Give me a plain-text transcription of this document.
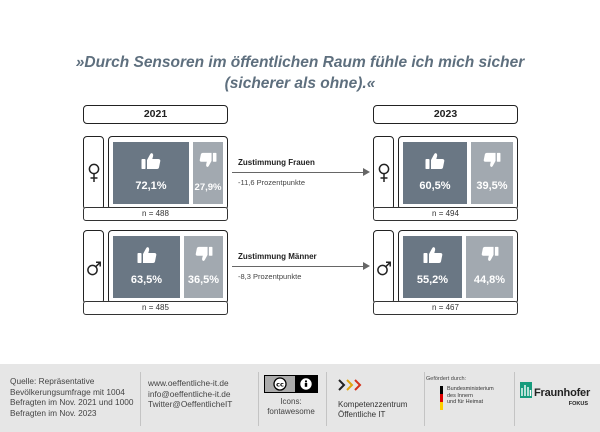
»Durch Sensoren im öffentlichen Raum fühle ich mich sicher
(sicherer als ohne).«
2021	2023
72,1%	27,9%
n = 488
60,5%	39,5%
n = 494
Zustimmung Frauen
-11,6 Prozentpunkte
63,5%	36,5%
n = 485
55,2%	44,8%
n = 467
Zustimmung Männer
-8,3 Prozentpunkte
Quelle: Repräsentative Bevölkerungsumfrage mit 1004 Befragten im Nov. 2021 und 1000 Befragten im Nov. 2023
www.oeffentliche-it.de
info@oeffentliche-it.de
Twitter@OeffentlicheIT
cc
Icons:
fontawesome
Kompetenzzentrum
Öffentliche IT
Gefördert durch:
Bundesministerium
des Innern
und für Heimat
Fraunhofer
FOKUS
